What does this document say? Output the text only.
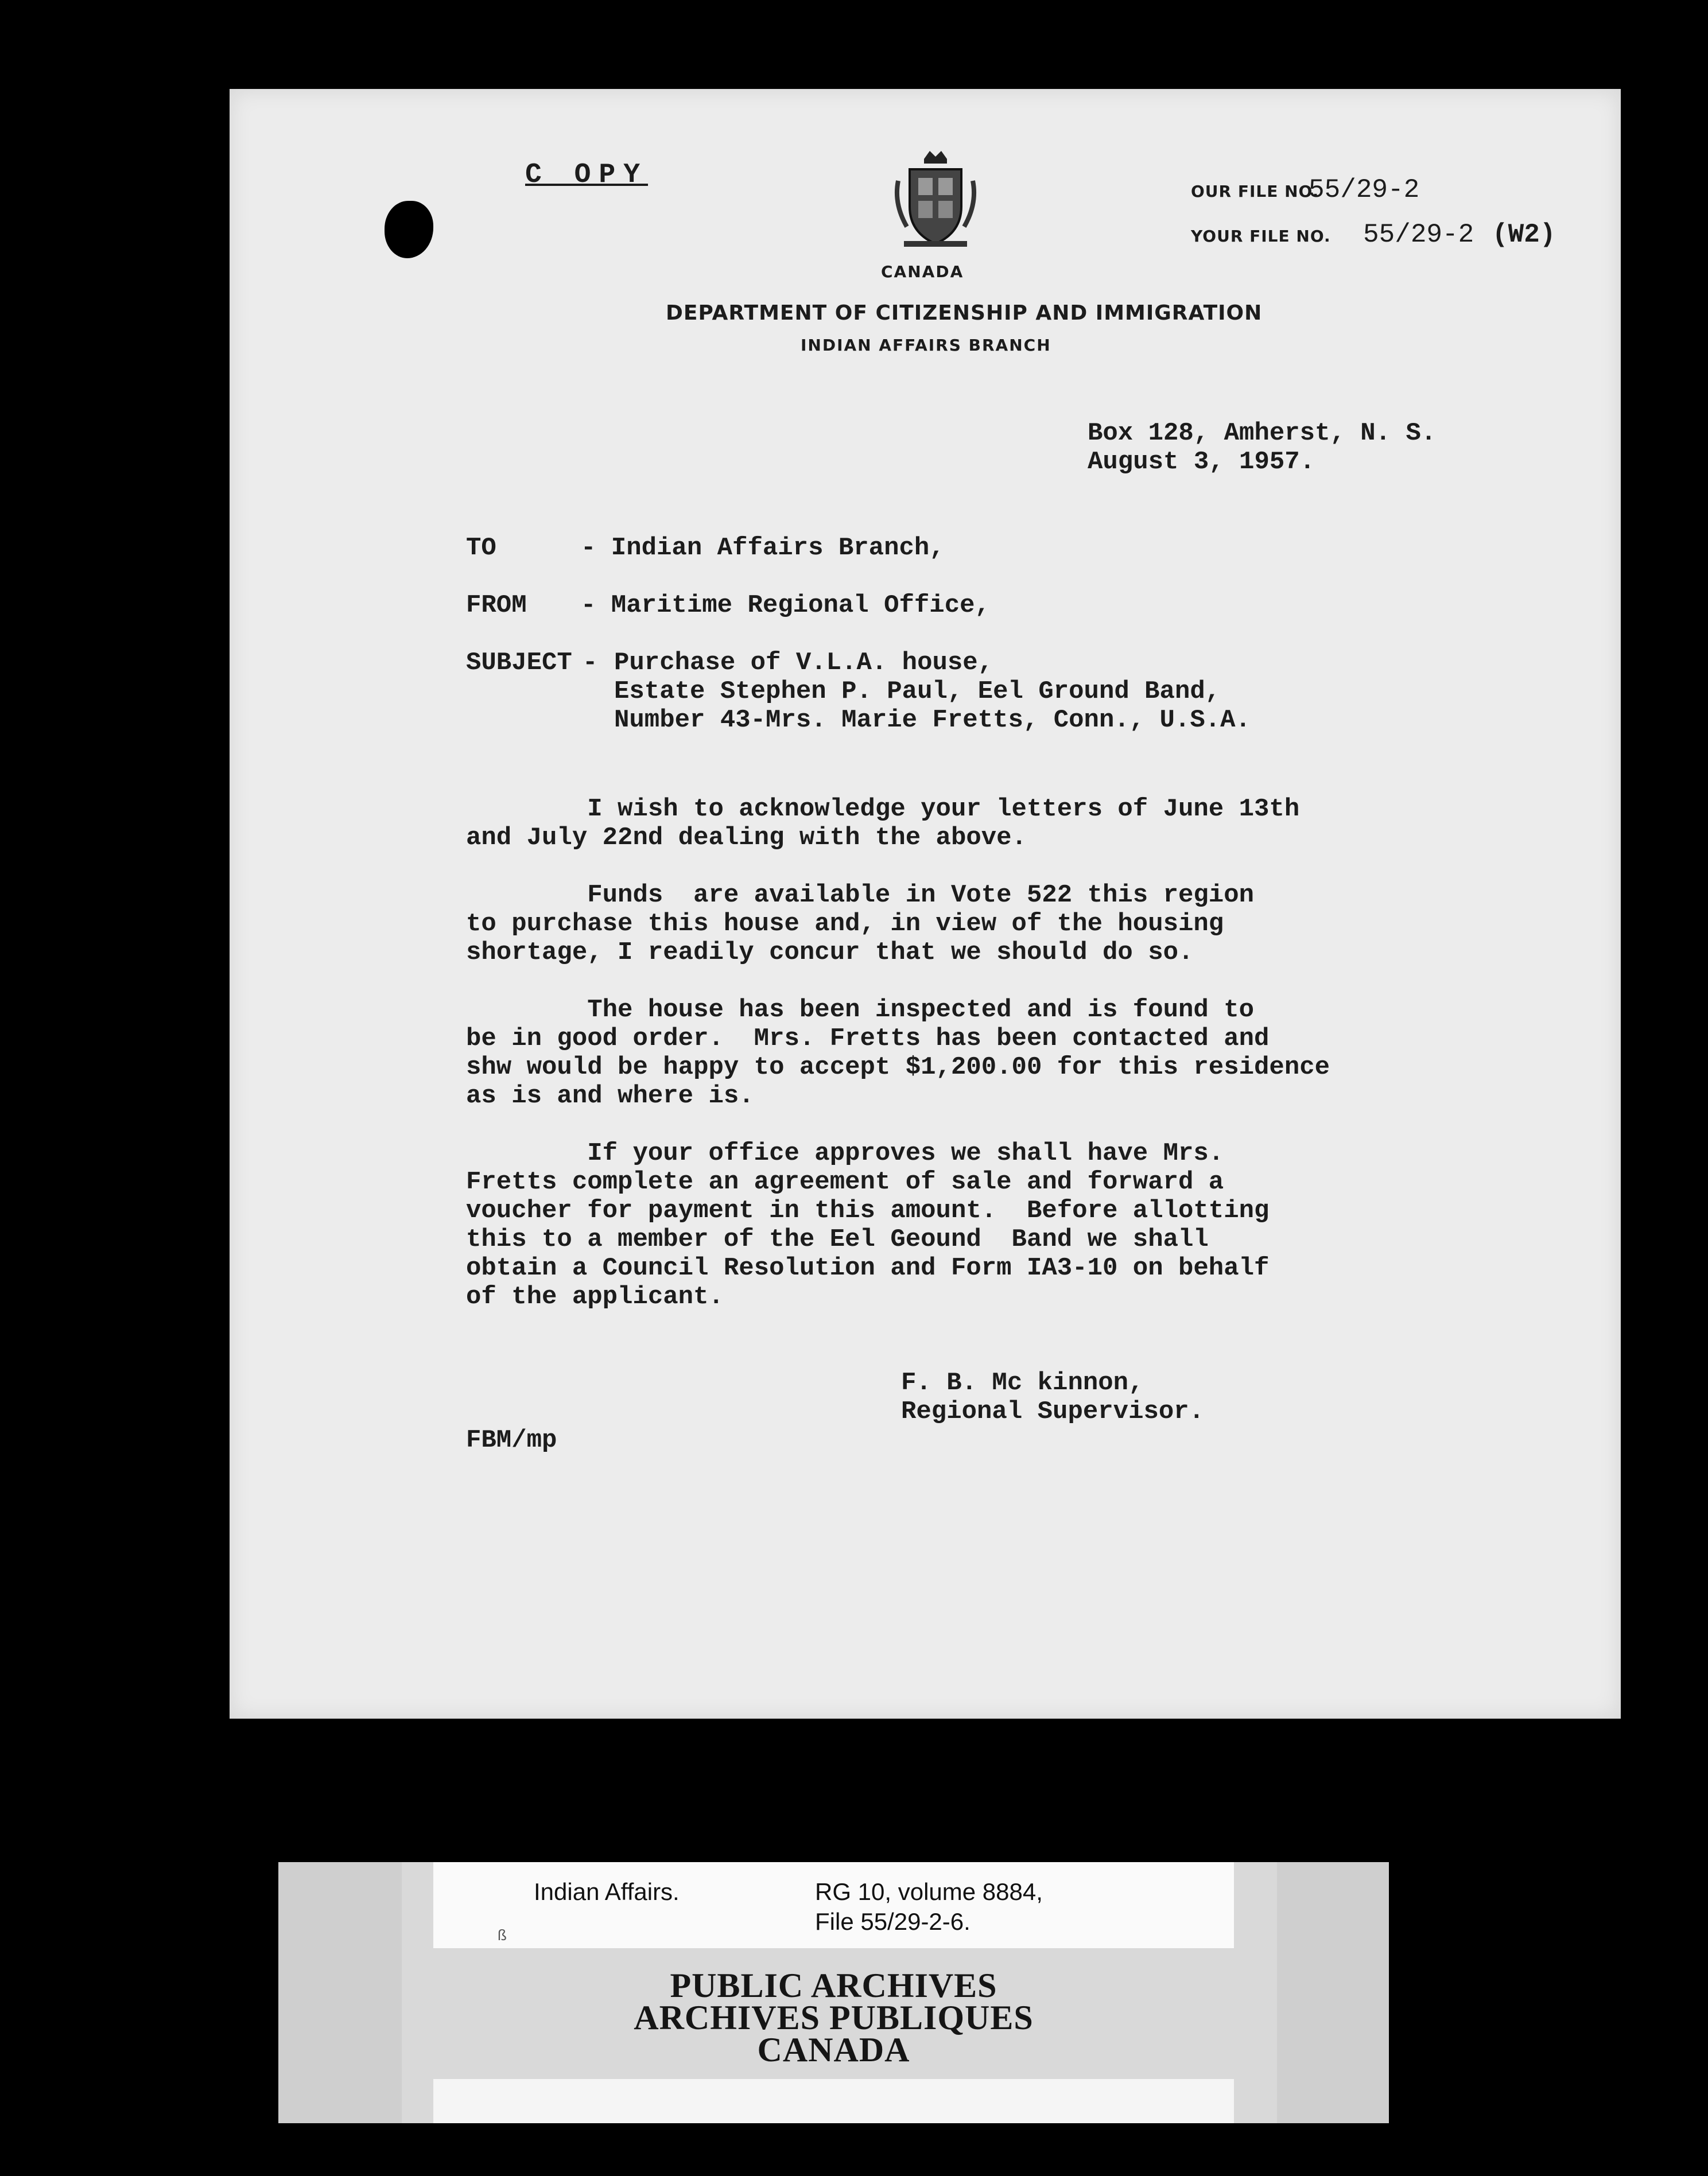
C OPY

CANADA

DEPARTMENT OF CITIZENSHIP AND IMMIGRATION

INDIAN AFFAIRS BRANCH

OUR FILE NO.

55/29-2

YOUR FILE NO. 55/29-2 (W2)

Box 128, Amherst, N. S.

August 3, 1957.

TO	- Indian Affairs Branch,

FROM - Maritime Regional Office,

SUBJECT - Purchase of V.L.A. house,

Estate Stephen P. Paul, Eel Ground Band,

Number 43-Mrs. Marie Fretts, Conn., U.S.A.

I wish to acknowledge your letters of June 13th

and July 22nd dealing with the above.

Funds  are available in Vote 522 this region

to purchase this house and, in view of the housing

shortage, I readily concur that we should do so.

The house has been inspected and is found to

be in good order.  Mrs. Fretts has been contacted and

shw would be happy to accept $1,200.00 for this residence

as is and where is.

If your office approves we shall have Mrs.

Fretts complete an agreement of sale and forward a

voucher for payment in this amount.  Before allotting

this to a member of the Eel Geound  Band we shall

obtain a Council Resolution and Form IA3-10 on behalf

of the applicant.

F. B. Mc kinnon,

Regional Supervisor.

FBM/mp

Indian Affairs.	RG 10, volume 8884,

File 55/29-2-6.

ß

PUBLIC ARCHIVES

ARCHIVES PUBLIQUES

CANADA
